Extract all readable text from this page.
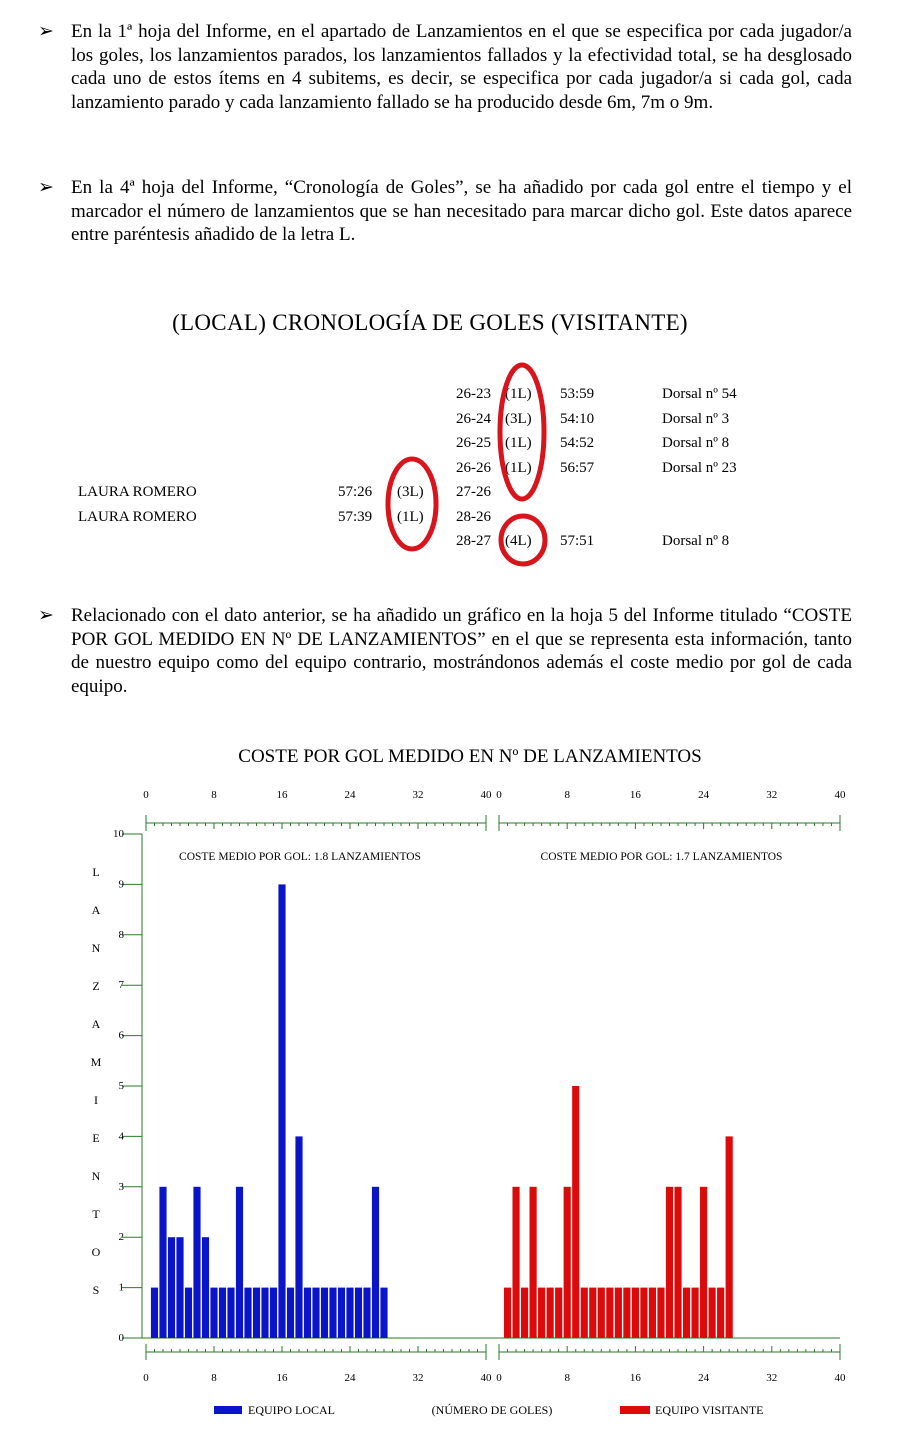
➢ En la 1ª hoja del Informe, en el apartado de Lanzamientos en el que se especifica por cada jugador/a los goles, los lanzamientos parados, los lanzamientos fallados y la efectividad total, se ha desglosado cada uno de estos ítems en 4 subitems, es decir, se especifica por cada jugador/a si cada gol, cada lanzamiento parado y cada lanzamiento fallado se ha producido desde 6m, 7m o 9m.
➢ En la 4ª hoja del Informe, “Cronología de Goles”, se ha añadido por cada gol entre el tiempo y el marcador el número de lanzamientos que se han necesitado para marcar dicho gol. Este datos aparece entre paréntesis añadido de la letra L.
(LOCAL) CRONOLOGÍA DE GOLES (VISITANTE)
26-23 (1L) 53:59	Dorsal nº 54
26-24 (3L) 54:10	Dorsal nº 3
26-25 (1L) 54:52	Dorsal nº 8
26-26 (1L) 56:57	Dorsal nº 23
LAURA ROMERO	57:26 (3L) 27-26
LAURA ROMERO	57:39 (1L) 28-26
28-27 (4L) 57:51	Dorsal nº 8
➢ Relacionado con el dato anterior, se ha añadido un gráfico en la hoja 5 del Informe titulado “COSTE POR GOL MEDIDO EN Nº DE LANZAMIENTOS” en el que se representa esta información, tanto de nuestro equipo como del equipo contrario, mostrándonos además el coste medio por gol de cada equipo.
COSTE POR GOL MEDIDO EN Nº DE LANZAMIENTOS
0
1
2
3
4
5
6
7
8
9
10
L
A
N
Z
A
M
I
E
N
T
O
S
0	8	16	24	32	40
0	8	16	24	32	40
COSTE MEDIO POR GOL: 1.8 LANZAMIENTOS
0	8	16	24	32	40
0	8	16	24	32	40
COSTE MEDIO POR GOL: 1.7 LANZAMIENTOS
EQUIPO LOCAL	(NÚMERO DE GOLES)	EQUIPO VISITANTE
